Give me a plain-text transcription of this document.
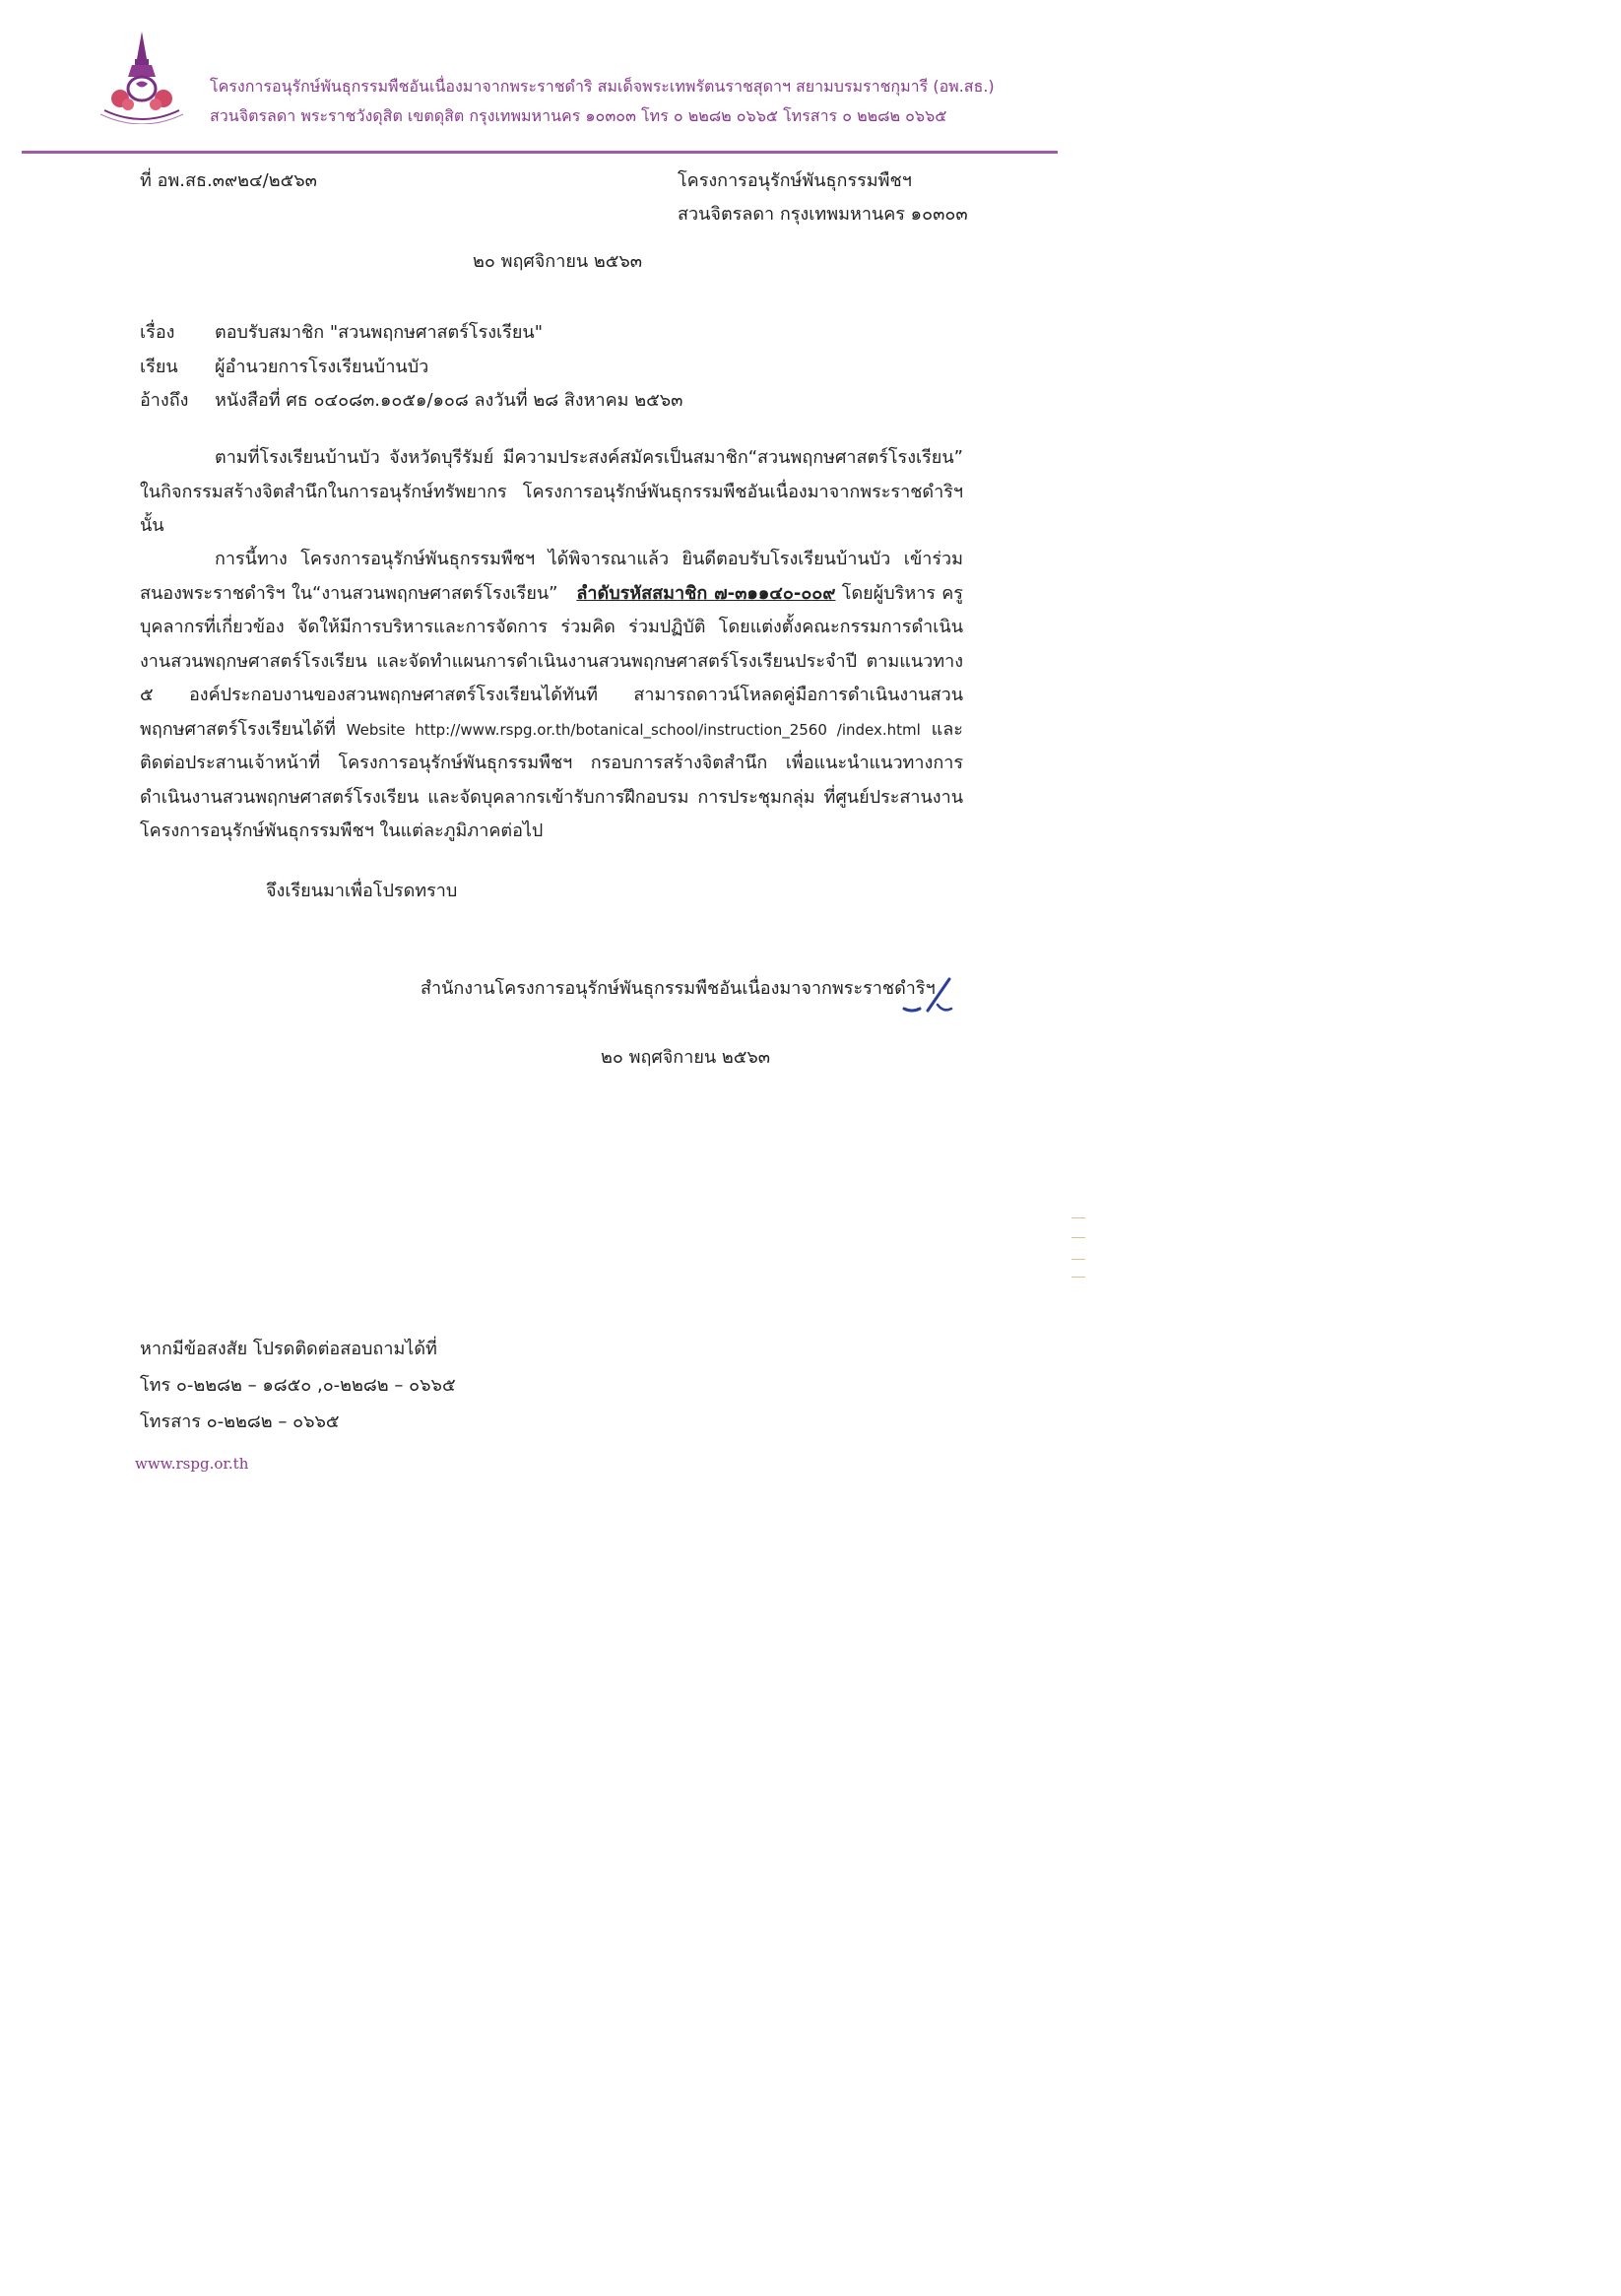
โครงการอนุรักษ์พันธุกรรมพืชอันเนื่องมาจากพระราชดำริ สมเด็จพระเทพรัตนราชสุดาฯ สยามบรมราชกุมารี (อพ.สธ.)
สวนจิตรลดา พระราชวังดุสิต เขตดุสิต กรุงเทพมหานคร ๑๐๓๐๓ โทร ๐ ๒๒๘๒ ๐๖๖๕ โทรสาร ๐ ๒๒๘๒ ๐๖๖๕
ที่ อพ.สธ.๓๙๒๔/๒๕๖๓	โครงการอนุรักษ์พันธุกรรมพืชฯ
สวนจิตรลดา กรุงเทพมหานคร ๑๐๓๐๓
๒๐ พฤศจิกายน ๒๕๖๓
เรื่อง ตอบรับสมาชิก "สวนพฤกษศาสตร์โรงเรียน"
เรียน ผู้อำนวยการโรงเรียนบ้านบัว
อ้างถึง หนังสือที่ ศธ ๐๔๐๘๓.๑๐๕๑/๑๐๘ ลงวันที่ ๒๘ สิงหาคม ๒๕๖๓
ตามที่โรงเรียนบ้านบัว จังหวัดบุรีรัมย์ มีความประสงค์สมัครเป็นสมาชิก“สวนพฤกษศาสตร์โรงเรียน” ในกิจกรรมสร้างจิตสำนึกในการอนุรักษ์ทรัพยากร โครงการอนุรักษ์พันธุกรรมพืชอันเนื่องมาจากพระราชดำริฯ นั้น
การนี้ทาง โครงการอนุรักษ์พันธุกรรมพืชฯ ได้พิจารณาแล้ว ยินดีตอบรับโรงเรียนบ้านบัว เข้าร่วมสนองพระราชดำริฯ ใน“งานสวนพฤกษศาสตร์โรงเรียน” ลำดับรหัสสมาชิก ๗-๓๑๑๔๐-๐๐๙ โดยผู้บริหาร ครู บุคลากรที่เกี่ยวข้อง จัดให้มีการบริหารและการจัดการ ร่วมคิด ร่วมปฏิบัติ โดยแต่งตั้งคณะกรรมการดำเนินงานสวนพฤกษศาสตร์โรงเรียน และจัดทำแผนการดำเนินงานสวนพฤกษศาสตร์โรงเรียนประจำปี ตามแนวทาง ๕ องค์ประกอบงานของสวนพฤกษศาสตร์โรงเรียนได้ทันที สามารถดาวน์โหลดคู่มือการดำเนินงานสวนพฤกษศาสตร์โรงเรียนได้ที่ Website http://www.rspg.or.th/botanical_school/instruction_2560 /index.html และติดต่อประสานเจ้าหน้าที่ โครงการอนุรักษ์พันธุกรรมพืชฯ กรอบการสร้างจิตสำนึก เพื่อแนะนำแนวทางการดำเนินงานสวนพฤกษศาสตร์โรงเรียน และจัดบุคลากรเข้ารับการฝึกอบรม การประชุมกลุ่ม ที่ศูนย์ประสานงาน โครงการอนุรักษ์พันธุกรรมพืชฯ ในแต่ละภูมิภาคต่อไป
จึงเรียนมาเพื่อโปรดทราบ
สำนักงานโครงการอนุรักษ์พันธุกรรมพืชอันเนื่องมาจากพระราชดำริฯ
๒๐ พฤศจิกายน ๒๕๖๓
หากมีข้อสงสัย โปรดติดต่อสอบถามได้ที่
โทร ๐-๒๒๘๒ – ๑๘๕๐ ,๐-๒๒๘๒ – ๐๖๖๕
โทรสาร ๐-๒๒๘๒ – ๐๖๖๕
www.rspg.or.th
